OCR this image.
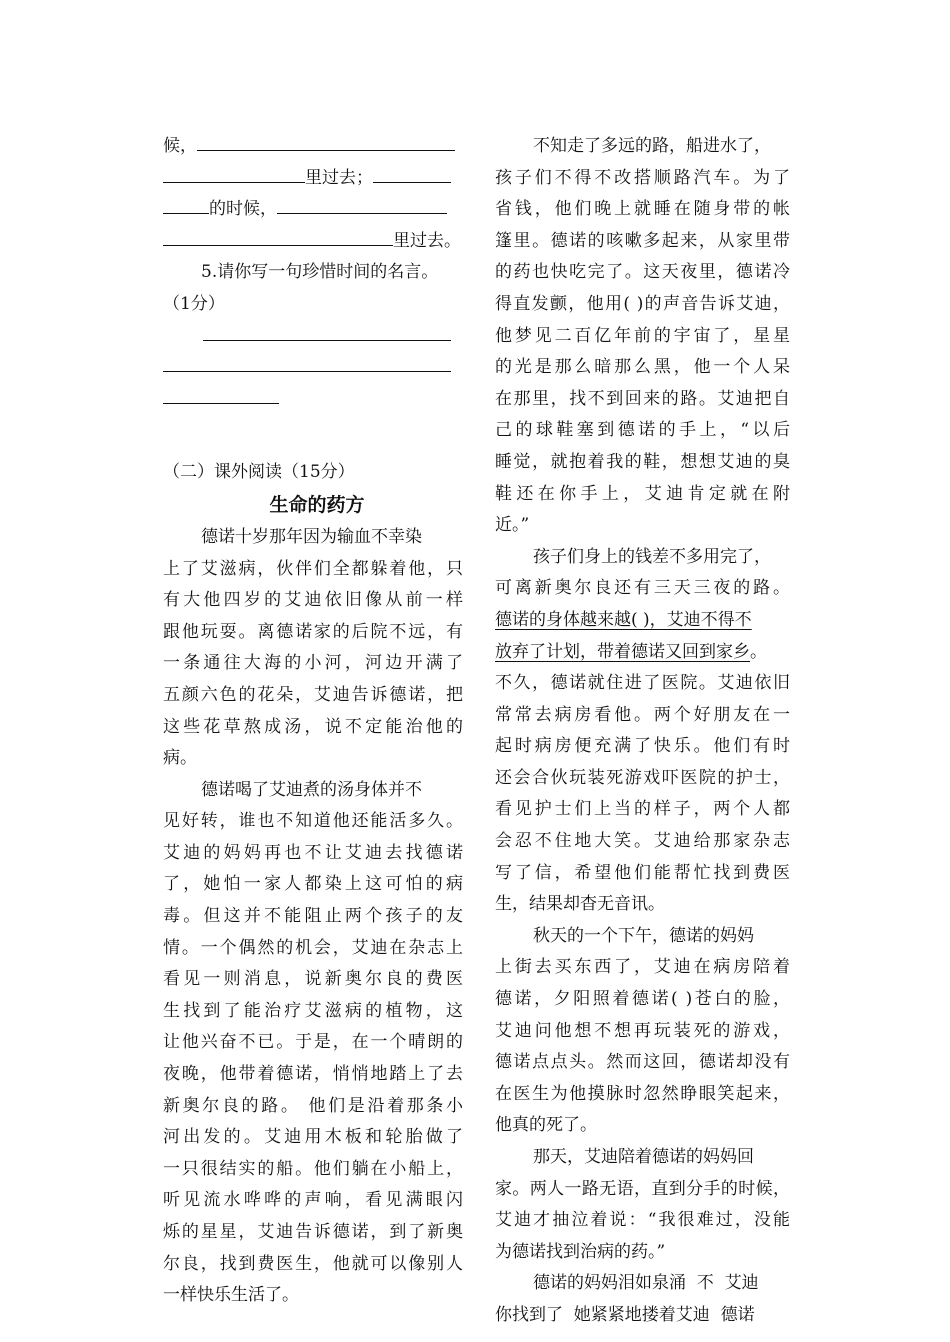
候，
里过去；
的时候，
里过去。
5.请你写一句珍惜时间的名言。
（1分）
（二）课外阅读（15分）
生命的药方
德诺十岁那年因为输血不幸染
上了艾滋病，伙伴们全都躲着他，只
有大他四岁的艾迪依旧像从前一样
跟他玩耍。离德诺家的后院不远，有
一条通往大海的小河，河边开满了
五颜六色的花朵，艾迪告诉德诺，把
这些花草熬成汤，说不定能治他的
病。
德诺喝了艾迪煮的汤身体并不
见好转，谁也不知道他还能活多久。
艾迪的妈妈再也不让艾迪去找德诺
了，她怕一家人都染上这可怕的病
毒。但这并不能阻止两个孩子的友
情。一个偶然的机会，艾迪在杂志上
看见一则消息，说新奥尔良的费医
生找到了能治疗艾滋病的植物，这
让他兴奋不已。于是，在一个晴朗的
夜晚，他带着德诺，悄悄地踏上了去
新奥尔良的路。 他们是沿着那条小
河出发的。艾迪用木板和轮胎做了
一只很结实的船。他们躺在小船上，
听见流水哗哗的声响，看见满眼闪
烁的星星，艾迪告诉德诺，到了新奥
尔良，找到费医生，他就可以像别人
一样快乐生活了。
不知走了多远的路，船进水了，
孩子们不得不改搭顺路汽车。为了
省钱，他们晚上就睡在随身带的帐
篷里。德诺的咳嗽多起来，从家里带
的药也快吃完了。这天夜里，德诺冷
得直发颤，他用( )的声音告诉艾迪，
他梦见二百亿年前的宇宙了，星星
的光是那么暗那么黑，他一个人呆
在那里，找不到回来的路。艾迪把自
己的球鞋塞到德诺的手上，“以后
睡觉，就抱着我的鞋，想想艾迪的臭
鞋还在你手上，艾迪肯定就在附
近。”
孩子们身上的钱差不多用完了，
可离新奥尔良还有三天三夜的路。
德诺的身体越来越( )，艾迪不得不
放弃了计划，带着德诺又回到家乡。
不久，德诺就住进了医院。艾迪依旧
常常去病房看他。两个好朋友在一
起时病房便充满了快乐。他们有时
还会合伙玩装死游戏吓医院的护士，
看见护士们上当的样子，两个人都
会忍不住地大笑。艾迪给那家杂志
写了信，希望他们能帮忙找到费医
生，结果却杳无音讯。
秋天的一个下午，德诺的妈妈
上街去买东西了，艾迪在病房陪着
德诺，夕阳照着德诺( )苍白的脸，
艾迪问他想不想再玩装死的游戏，
德诺点点头。然而这回，德诺却没有
在医生为他摸脉时忽然睁眼笑起来，
他真的死了。
那天，艾迪陪着德诺的妈妈回
家。两人一路无语，直到分手的时候，
艾迪才抽泣着说：“我很难过，没能
为德诺找到治病的药。”
德诺的妈妈泪如泉涌  不  艾迪
你找到了  她紧紧地搂着艾迪  德诺
